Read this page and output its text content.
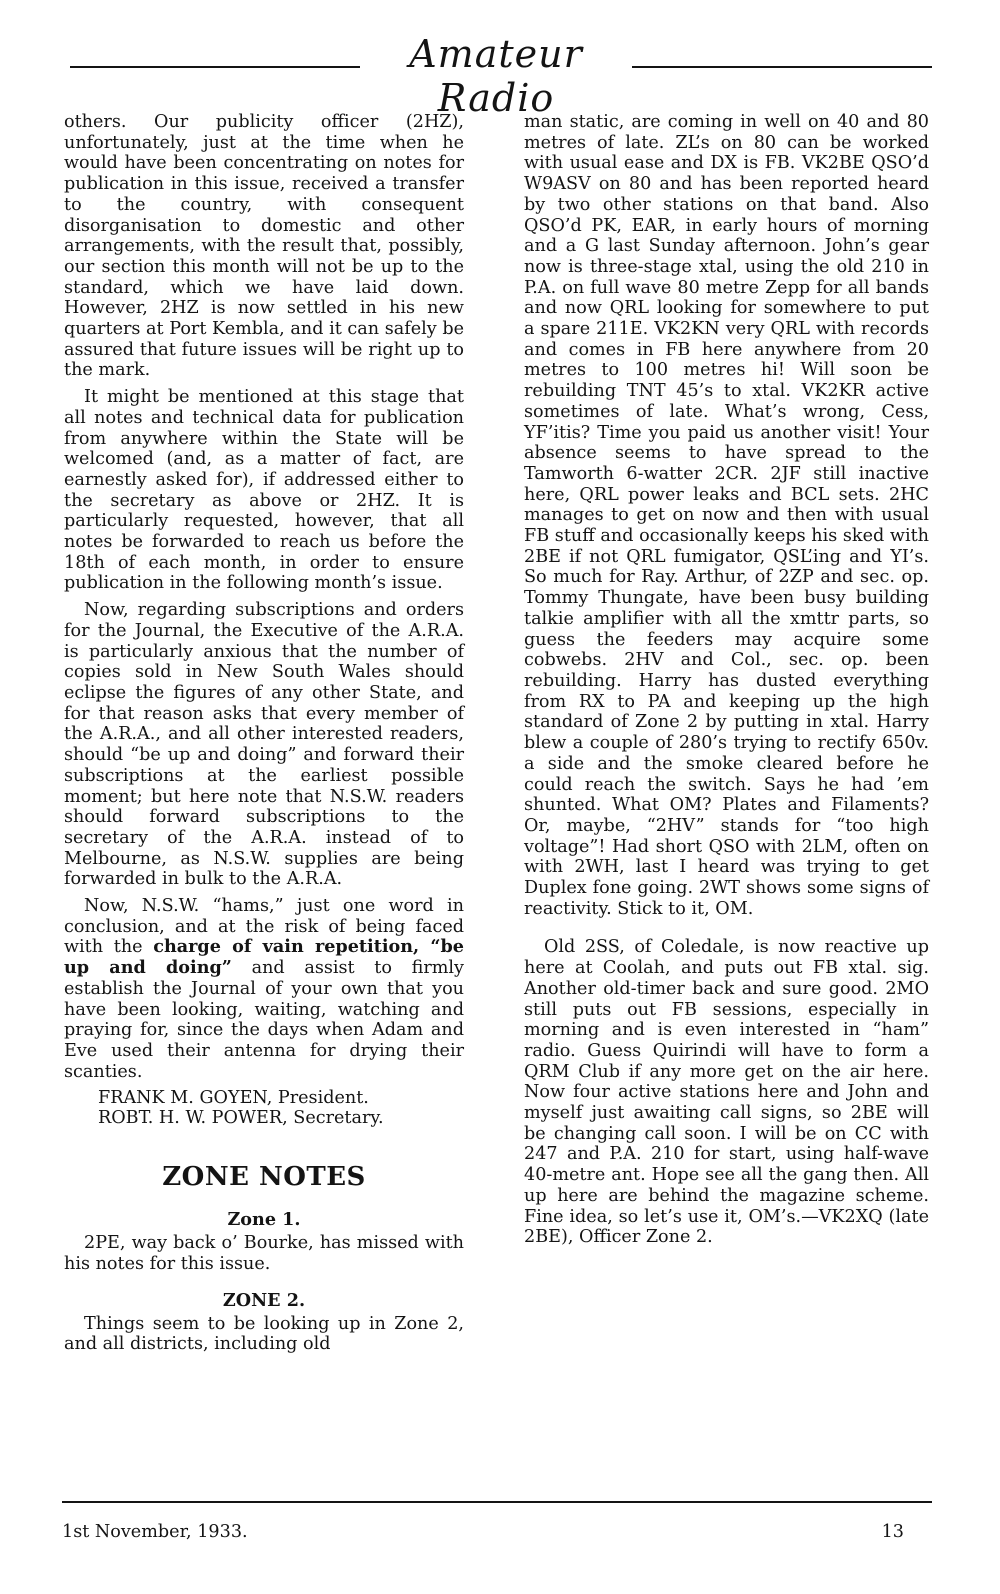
Amateur Radio

others. Our publicity officer (2HZ), unfortunately, just at the time when he would have been concentrating on notes for publication in this issue, received a transfer to the country, with consequent disorganisation to domestic and other arrangements, with the result that, possibly, our section this month will not be up to the standard, which we have laid down. However, 2HZ is now settled in his new quarters at Port Kembla, and it can safely be assured that future issues will be right up to the mark.

It might be mentioned at this stage that all notes and technical data for publication from anywhere within the State will be welcomed (and, as a matter of fact, are earnestly asked for), if addressed either to the secretary as above or 2HZ. It is particularly requested, however, that all notes be forwarded to reach us before the 18th of each month, in order to ensure publication in the following month’s issue.

Now, regarding subscriptions and orders for the Journal, the Executive of the A.R.A. is particularly anxious that the number of copies sold in New South Wales should eclipse the figures of any other State, and for that reason asks that every member of the A.R.A., and all other interested readers, should “be up and doing” and forward their subscriptions at the earliest possible moment; but here note that N.S.W. readers should forward subscriptions to the secretary of the A.R.A. instead of to Melbourne, as N.S.W. supplies are being forwarded in bulk to the A.R.A.

Now, N.S.W. “hams,” just one word in conclusion, and at the risk of being faced with the charge of vain repetition, “be up and doing” and assist to firmly establish the Journal of your own that you have been looking, waiting, watching and praying for, since the days when Adam and Eve used their antenna for drying their scanties.

FRANK M. GOYEN, President.
ROBT. H. W. POWER, Secretary.
ZONE NOTES
Zone 1.

2PE, way back o’ Bourke, has missed with his notes for this issue.

ZONE 2.

Things seem to be looking up in Zone 2, and all districts, including old

man static, are coming in well on 40 and 80 metres of late. ZL’s on 80 can be worked with usual ease and DX is FB. VK2BE QSO’d W9ASV on 80 and has been reported heard by two other stations on that band. Also QSO’d PK, EAR, in early hours of morning and a G last Sunday afternoon. John’s gear now is three-stage xtal, using the old 210 in P.A. on full wave 80 metre Zepp for all bands and now QRL looking for somewhere to put a spare 211E. VK2KN very QRL with records and comes in FB here anywhere from 20 metres to 100 metres hi! Will soon be rebuilding TNT 45’s to xtal. VK2KR active sometimes of late. What’s wrong, Cess, YF’itis? Time you paid us another visit! Your absence seems to have spread to the Tamworth 6-watter 2CR. 2JF still inactive here, QRL power leaks and BCL sets. 2HC manages to get on now and then with usual FB stuff and occasionally keeps his sked with 2BE if not QRL fumigator, QSL’ing and YI’s. So much for Ray. Arthur, of 2ZP and sec. op. Tommy Thungate, have been busy building talkie amplifier with all the xmttr parts, so guess the feeders may acquire some cobwebs. 2HV and Col., sec. op. been rebuilding. Harry has dusted everything from RX to PA and keeping up the high standard of Zone 2 by putting in xtal. Harry blew a couple of 280’s trying to rectify 650v. a side and the smoke cleared before he could reach the switch. Says he had ’em shunted. What OM? Plates and Filaments? Or, maybe, “2HV” stands for “too high voltage”! Had short QSO with 2LM, often on with 2WH, last I heard was trying to get Duplex fone going. 2WT shows some signs of reactivity. Stick to it, OM.

Old 2SS, of Coledale, is now reactive up here at Coolah, and puts out FB xtal. sig. Another old-timer back and sure good. 2MO still puts out FB sessions, especially in morning and is even interested in “ham” radio. Guess Quirindi will have to form a QRM Club if any more get on the air here. Now four active stations here and John and myself just awaiting call signs, so 2BE will be changing call soon. I will be on CC with 247 and P.A. 210 for start, using half-wave 40-metre ant. Hope see all the gang then. All up here are behind the magazine scheme. Fine idea, so let’s use it, OM’s.—VK2XQ (late 2BE), Officer Zone 2.

1st November, 1933.	13
